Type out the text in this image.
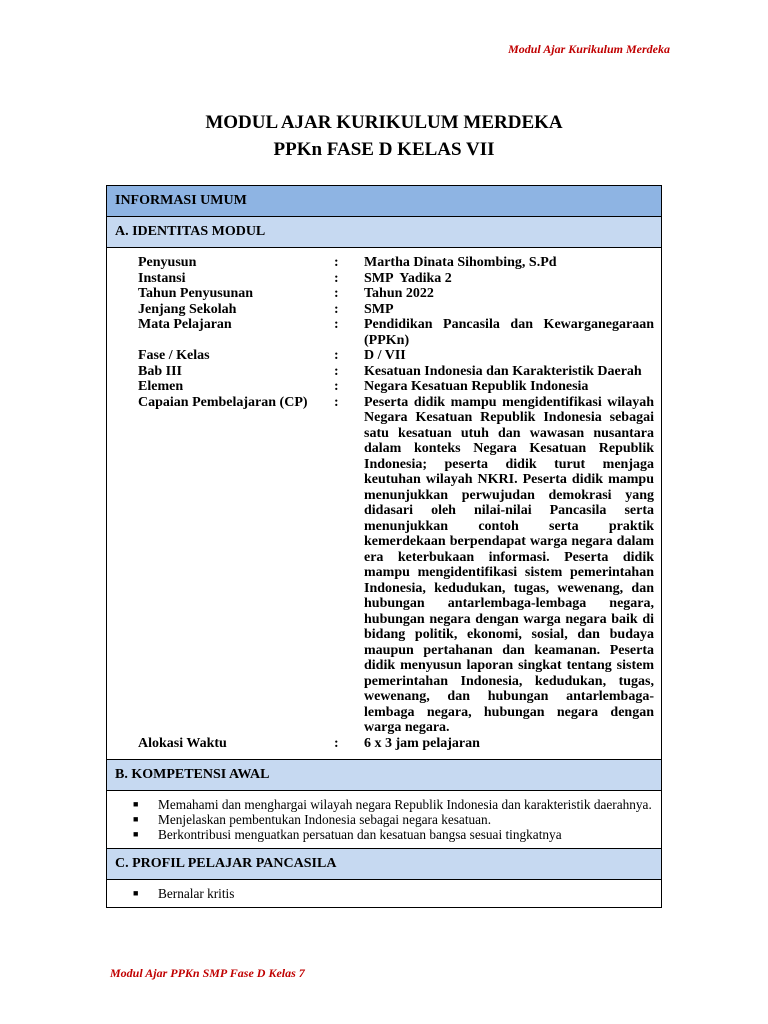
Modul Ajar Kurikulum Merdeka
MODUL AJAR KURIKULUM MERDEKA
PPKn FASE D KELAS VII
INFORMASI UMUM
A. IDENTITAS MODUL
Penyusun	:	Martha Dinata Sihombing, S.Pd
Instansi	:	SMP  Yadika 2
Tahun Penyusunan	:	Tahun 2022
Jenjang Sekolah	:	SMP
Mata Pelajaran	:	Pendidikan Pancasila dan Kewarganegaraan (PPKn)
Fase / Kelas	:	D / VII
Bab III	:	Kesatuan Indonesia dan Karakteristik Daerah
Elemen	:	Negara Kesatuan Republik Indonesia
Capaian Pembelajaran (CP)	:	Peserta didik mampu mengidentifikasi wilayah Negara Kesatuan Republik Indonesia sebagai satu kesatuan utuh dan wawasan nusantara dalam konteks Negara Kesatuan Republik Indonesia; peserta didik turut menjaga keutuhan wilayah NKRI. Peserta didik mampu menunjukkan perwujudan demokrasi yang didasari oleh nilai-nilai Pancasila serta menunjukkan contoh serta praktik kemerdekaan berpendapat warga negara dalam era keterbukaan informasi. Peserta didik mampu mengidentifikasi sistem pemerintahan Indonesia, kedudukan, tugas, wewenang, dan hubungan antarlembaga-lembaga negara, hubungan negara dengan warga negara baik di bidang politik, ekonomi, sosial, dan budaya maupun pertahanan dan keamanan. Peserta didik menyusun laporan singkat tentang sistem pemerintahan Indonesia, kedudukan, tugas, wewenang, dan hubungan antarlembaga-lembaga negara, hubungan negara dengan warga negara.
Alokasi Waktu	:	6 x 3 jam pelajaran
B. KOMPETENSI AWAL
■	Memahami dan menghargai wilayah negara Republik Indonesia dan karakteristik daerahnya.
■	Menjelaskan pembentukan Indonesia sebagai negara kesatuan.
■	Berkontribusi menguatkan persatuan dan kesatuan bangsa sesuai tingkatnya
C. PROFIL PELAJAR PANCASILA
■	Bernalar kritis
Modul Ajar PPKn SMP Fase D Kelas 7
